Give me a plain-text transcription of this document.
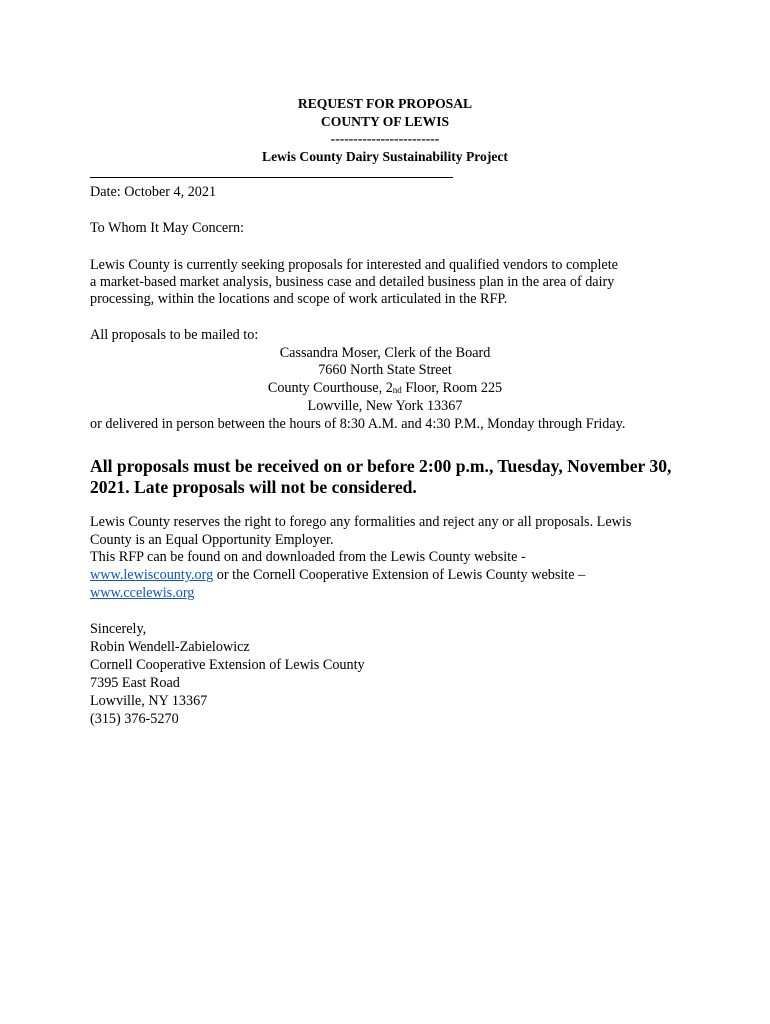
REQUEST FOR PROPOSAL
COUNTY OF LEWIS
------------------------
Lewis County Dairy Sustainability Project
Date: October 4, 2021
To Whom It May Concern:
Lewis County is currently seeking proposals for interested and qualified vendors to complete
a market-based market analysis, business case and detailed business plan in the area of dairy
processing, within the locations and scope of work articulated in the RFP.
All proposals to be mailed to:
Cassandra Moser, Clerk of the Board
7660 North State Street
County Courthouse, 2nd Floor, Room 225
Lowville, New York 13367
or delivered in person between the hours of 8:30 A.M. and 4:30 P.M., Monday through Friday.
All proposals must be received on or before 2:00 p.m., Tuesday, November 30,
2021. Late proposals will not be considered.
Lewis County reserves the right to forego any formalities and reject any or all proposals. Lewis
County is an Equal Opportunity Employer.
This RFP can be found on and downloaded from the Lewis County website -
www.lewiscounty.org or the Cornell Cooperative Extension of Lewis County website –
www.ccelewis.org
Sincerely,
Robin Wendell-Zabielowicz
Cornell Cooperative Extension of Lewis County
7395 East Road
Lowville, NY 13367
(315) 376-5270
